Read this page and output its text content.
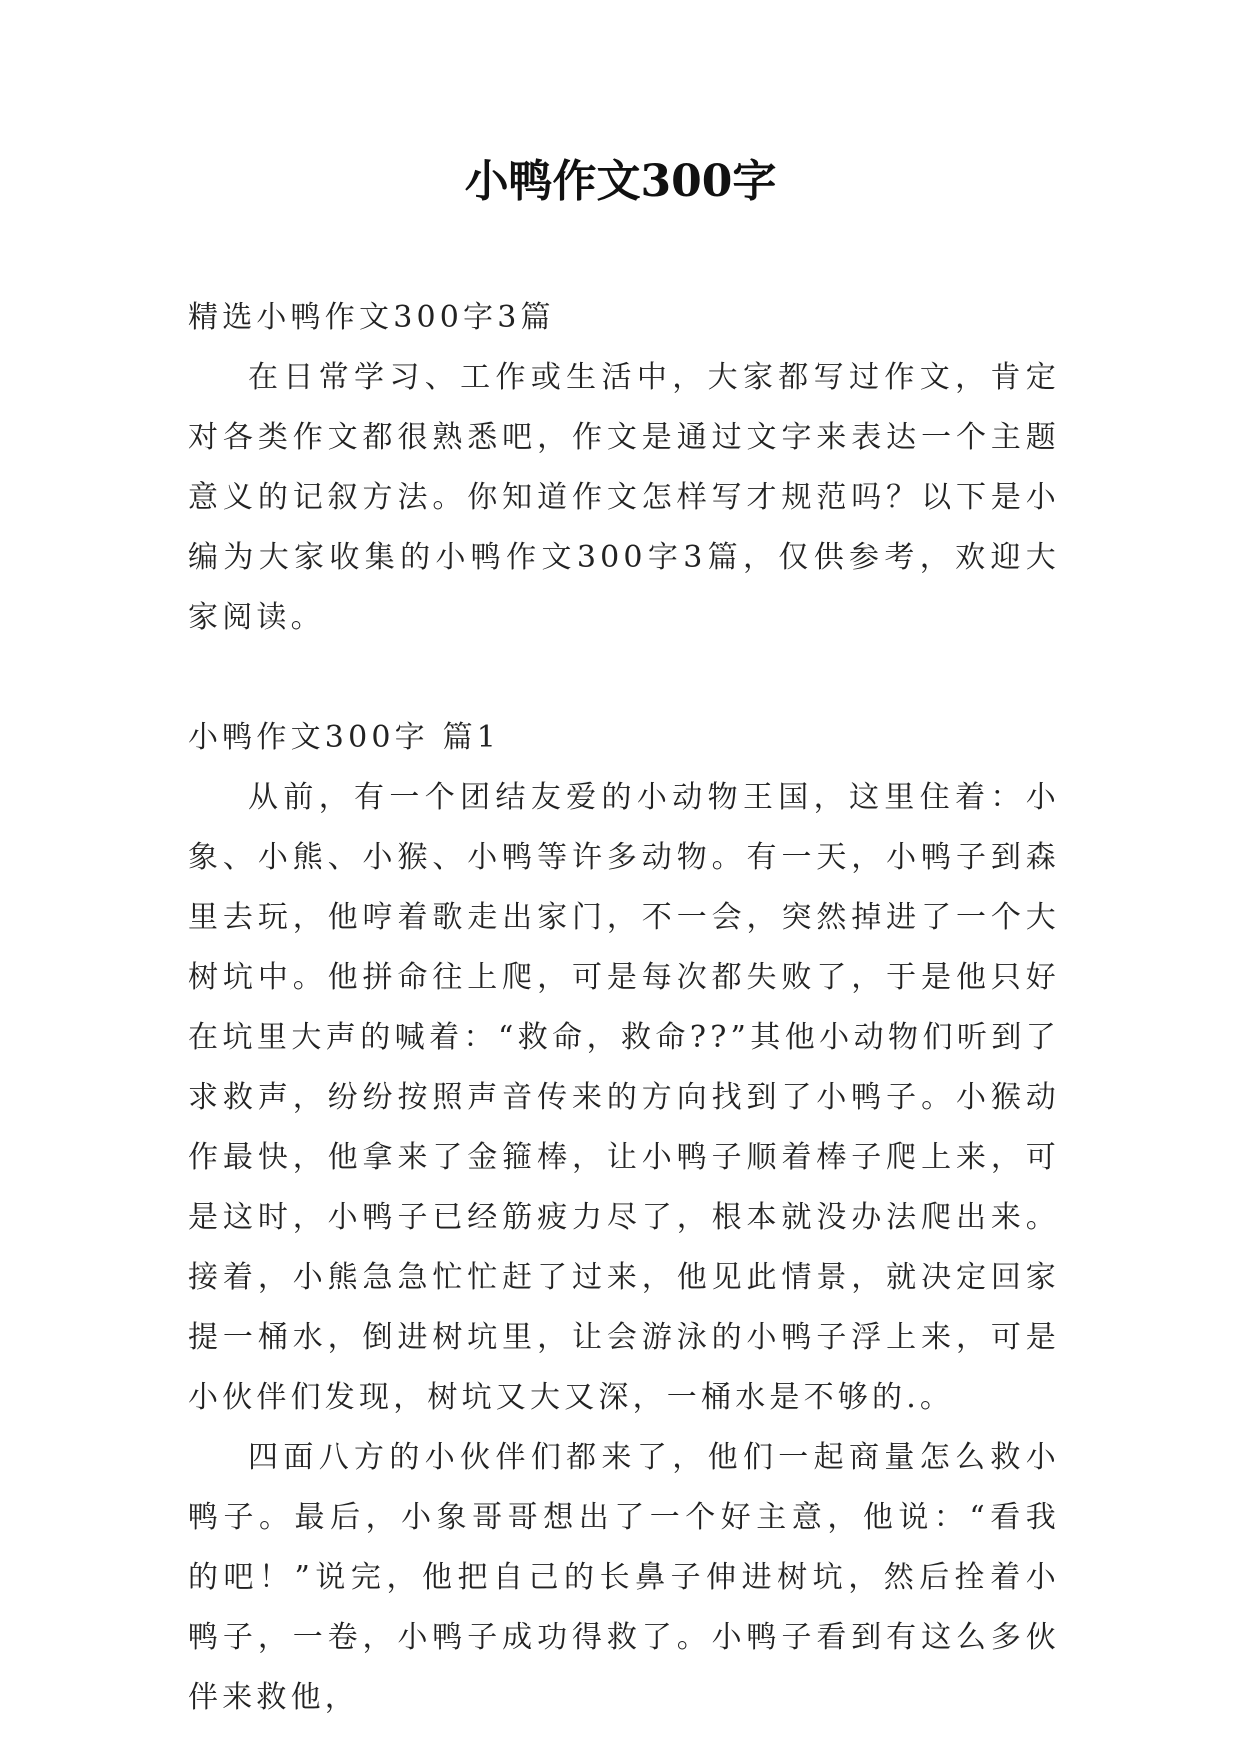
小鸭作文300字

精选小鸭作文300字3篇

在日常学习、工作或生活中，大家都写过作文，肯定对各类作文都很熟悉吧，作文是通过文字来表达一个主题意义的记叙方法。你知道作文怎样写才规范吗？以下是小编为大家收集的小鸭作文300字3篇，仅供参考，欢迎大家阅读。

小鸭作文300字 篇1

从前，有一个团结友爱的小动物王国，这里住着：小象、小熊、小猴、小鸭等许多动物。有一天，小鸭子到森里去玩，他哼着歌走出家门，不一会，突然掉进了一个大树坑中。他拼命往上爬，可是每次都失败了，于是他只好在坑里大声的喊着：“救命，救命??”其他小动物们听到了求救声，纷纷按照声音传来的方向找到了小鸭子。小猴动作最快，他拿来了金箍棒，让小鸭子顺着棒子爬上来，可是这时，小鸭子已经筋疲力尽了，根本就没办法爬出来。接着，小熊急急忙忙赶了过来，他见此情景，就决定回家提一桶水，倒进树坑里，让会游泳的小鸭子浮上来，可是小伙伴们发现，树坑又大又深，一桶水是不够的.。

四面八方的小伙伴们都来了，他们一起商量怎么救小鸭子。最后，小象哥哥想出了一个好主意，他说：“看我的吧！”说完，他把自己的长鼻子伸进树坑，然后拴着小鸭子，一卷，小鸭子成功得救了。小鸭子看到有这么多伙伴来救他，
